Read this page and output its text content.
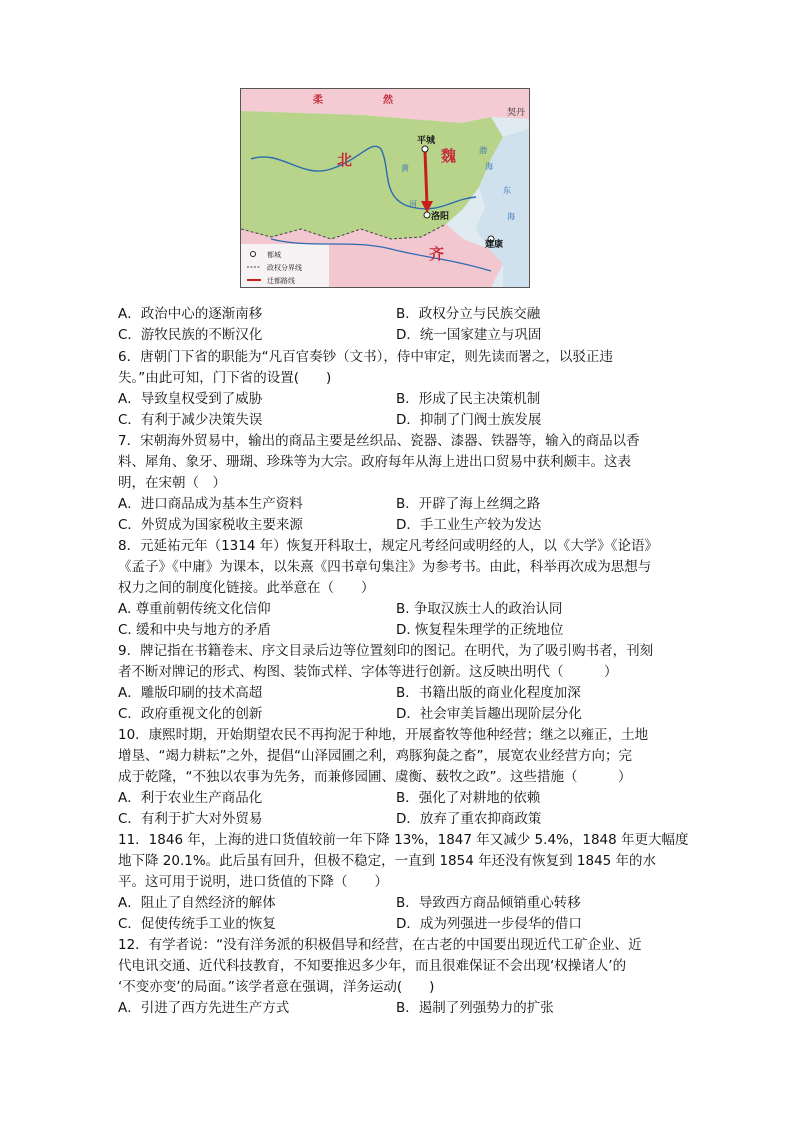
柔	然
契丹
北	魏
平城
洛阳
齐	建康
黄
河
渤
海
东
海
都城
政权分界线
迁都路线
A．政治中心的逐渐南移	B．政权分立与民族交融
C．游牧民族的不断汉化	D．统一国家建立与巩固
6．唐朝门下省的职能为“凡百官奏钞（文书），侍中审定，则先读而署之，以驳正违
失。”由此可知，门下省的设置(　　)
A．导致皇权受到了威胁	B．形成了民主决策机制
C．有利于减少决策失误	D．抑制了门阀士族发展
7．宋朝海外贸易中，输出的商品主要是丝织品、瓷器、漆器、铁器等，输入的商品以香
料、犀角、象牙、珊瑚、珍珠等为大宗。政府每年从海上进出口贸易中获利颇丰。这表
明，在宋朝（　）
A．进口商品成为基本生产资料	B．开辟了海上丝绸之路
C．外贸成为国家税收主要来源	D．手工业生产较为发达
8．元延祐元年（1314 年）恢复开科取士，规定凡考经问或明经的人，以《大学》《论语》
《孟子》《中庸》为课本，以朱熹《四书章句集注》为参考书。由此，科举再次成为思想与
权力之间的制度化链接。此举意在（　　）
A. 尊重前朝传统文化信仰	B. 争取汉族士人的政治认同
C. 缓和中央与地方的矛盾	D. 恢复程朱理学的正统地位
9．牌记指在书籍卷末、序文目录后边等位置刻印的图记。在明代，为了吸引购书者，刊刻
者不断对牌记的形式、构图、装饰式样、字体等进行创新。这反映出明代（　　　）
A．雕版印刷的技术高超	B．书籍出版的商业化程度加深
C．政府重视文化的创新	D．社会审美旨趣出现阶层分化
10．康熙时期，开始期望农民不再拘泥于种地，开展畜牧等他种经营；继之以雍正，土地
增垦、“竭力耕耘”之外，提倡“山泽园圃之利，鸡豚狗彘之畜”，展宽农业经营方向；完
成于乾隆，“不独以农事为先务，而兼修园圃、虞衡、薮牧之政”。这些措施（　　　）
A．利于农业生产商品化	B．强化了对耕地的依赖
C．有利于扩大对外贸易	D．放弃了重农抑商政策
11．1846 年，上海的进口货值较前一年下降 13%，1847 年又减少 5.4%，1848 年更大幅度
地下降 20.1%。此后虽有回升，但极不稳定，一直到 1854 年还没有恢复到 1845 年的水
平。这可用于说明，进口货值的下降（　　）
A．阻止了自然经济的解体	B．导致西方商品倾销重心转移
C．促使传统手工业的恢复	D．成为列强进一步侵华的借口
12．有学者说：“没有洋务派的积极倡导和经营，在古老的中国要出现近代工矿企业、近
代电讯交通、近代科技教育，不知要推迟多少年，而且很难保证不会出现‘权操诸人’的
‘不变亦变’的局面。”该学者意在强调，洋务运动(　　)
A．引进了西方先进生产方式	B．遏制了列强势力的扩张
